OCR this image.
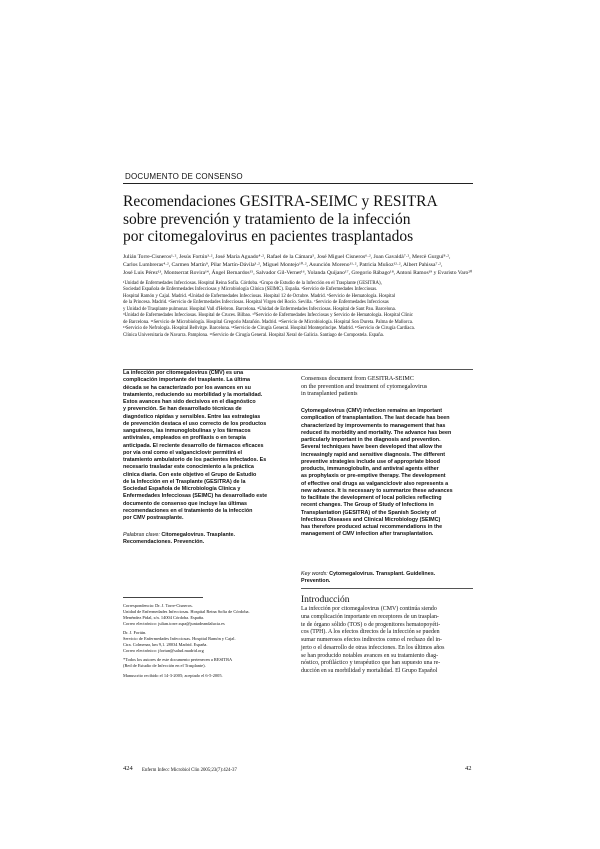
DOCUMENTO DE CONSENSO
Recomendaciones GESITRA-SEIMC y RESITRA
sobre prevención y tratamiento de la infección
por citomegalovirus en pacientes trasplantados
Julián Torre-Cisneros¹·², Jesús Fortún³·², José María Aguado⁴·², Rafael de la Cámara⁵, José Miguel Cisneros⁶·², Joan Gavaldà⁷·², Mercè Gurguí⁸·²,
Carlos Lumbreras⁴·², Carmen Martín⁹, Pilar Martín-Dávila³·², Miguel Montejo¹⁰·², Asunción Moreno¹¹·², Patricia Muñoz¹²·², Albert Pahissa⁷·²,
José Luis Pérez¹³, Montserrat Rovira¹⁴, Ángel Bernardos¹⁵, Salvador Gil-Vernet¹⁶, Yolanda Quijano¹⁷, Gregorio Rábago¹⁸, Antoni Ramos¹⁹ y Evaristo Varo²⁰
¹Unidad de Enfermedades Infecciosas. Hospital Reina Sofía. Córdoba. ²Grupo de Estudio de la Infección en el Trasplante (GESITRA),
Sociedad Española de Enfermedades Infecciosas y Microbiología Clínica (SEIMC). España. ³Servicio de Enfermedades Infecciosas.
Hospital Ramón y Cajal. Madrid. ⁴Unidad de Enfermedades Infecciosas. Hospital 12 de Octubre. Madrid. ⁵Servicio de Hematología. Hospital
de la Princesa. Madrid. ⁶Servicio de Enfermedades Infecciosas. Hospital Virgen del Rocío. Sevilla. ⁷Servicio de Enfermedades Infecciosas
y Unidad de Trasplante pulmonar. Hospital Vall d'Hebron. Barcelona. ⁸Unidad de Enfermedades Infecciosas. Hospital de Sant Pau. Barcelona.
⁹Unidad de Enfermedades Infecciosas. Hospital de Cruces. Bilbao. ¹⁰Servicio de Enfermedades Infecciosas y Servicio de Hematología. Hospital Clínic
de Barcelona. ¹¹Servicio de Microbiología. Hospital Gregorio Marañón. Madrid. ¹²Servicio de Microbiología. Hospital Son Dureta. Palma de Mallorca.
¹³Servicio de Nefrología. Hospital Bellvitge. Barcelona. ¹⁴Servicio de Cirugía General. Hospital Montepríncipe. Madrid. ¹⁵Servicio de Cirugía Cardíaca.
Clínica Universitaria de Navarra. Pamplona. ¹⁶Servicio de Cirugía General. Hospital Xeral de Galicia. Santiago de Compostela. España.
La infección por citomegalovirus (CMV) es una
complicación importante del trasplante. La última
década se ha caracterizado por los avances en su
tratamiento, reduciendo su morbilidad y la mortalidad.
Estos avances han sido decisivos en el diagnóstico
y prevención. Se han desarrollado técnicas de
diagnóstico rápidas y sensibles. Entre las estrategias
de prevención destaca el uso correcto de los productos
sanguíneos, las inmunoglobulinas y los fármacos
antivirales, empleados en profilaxis o en terapia
anticipada. El reciente desarrollo de fármacos eficaces
por vía oral como el valganciclovir permitirá el
tratamiento ambulatorio de los pacientes infectados. Es
necesario trasladar este conocimiento a la práctica
clínica diaria. Con este objetivo el Grupo de Estudio
de la Infección en el Trasplante (GESITRA) de la
Sociedad Española de Microbiología Clínica y
Enfermedades Infecciosas (SEIMC) ha desarrollado este
documento de consenso que incluye las últimas
recomendaciones en el tratamiento de la infección
por CMV postrasplante.
Palabras clave: Citomegalovirus. Trasplante.
Recomendaciones. Prevención.
Consensus document from GESITRA-SEIMC
on the prevention and treatment of cytomegalovirus
in transplanted patients
Cytomegalovirus (CMV) infection remains an important
complication of transplantation. The last decade has been
characterized by improvements to management that has
reduced its morbidity and mortality. The advance has been
particularly important in the diagnosis and prevention.
Several techniques have been developed that allow the
increasingly rapid and sensitive diagnosis. The different
preventive strategies include use of appropriate blood
products, immunoglobulin, and antiviral agents either
as prophylaxis or pre-emptive therapy. The development
of effective oral drugs as valganciclovir also represents a
new advance. It is necessary to summarize these advances
to facilitate the development of local policies reflecting
recent changes. The Group of Study of Infections in
Transplantation (GESITRA) of the Spanish Society of
Infectious Diseases and Clinical Microbiology (SEIMC)
has therefore produced actual recommendations in the
management of CMV infection after transplantation.
Key words: Cytomegalovirus. Transplant. Guidelines.
Prevention.
Introducción
La infección por citomegalovirus (CMV) continúa siendo
una complicación importante en receptores de un trasplan-
te de órgano sólido (TOS) o de progenitores hematopoyéti-
cos (TPH). A los efectos directos de la infección se pueden
sumar numerosos efectos indirectos como el rechazo del in-
jerto o el desarrollo de otras infecciones. En los últimos años
se han producido notables avances en su tratamiento diag-
nóstico, profiláctico y terapéutico que han supuesto una re-
ducción en su morbilidad y mortalidad. El Grupo Español
Correspondencia: Dr. J. Torre-Cisneros.
Unidad de Enfermedades Infecciosas. Hospital Reina Sofía de Córdoba.
Menéndez Pidal, s/n. 14004 Córdoba. España.
Correo electrónico: julian.torre.sspa@juntadeandalucia.es
Dr. J. Fortún.
Servicio de Enfermedades Infecciosas. Hospital Ramón y Cajal.
Ctra. Colmenar, km 9,1. 28034 Madrid. España.
Correo electrónico: jfortun@salud.madrid.org
*Todos los autores de este documento pertenecen a RESITRA
(Red de Estudio de Infección en el Trasplante).
Manuscrito recibido el 14-3-2005; aceptado el 6-5-2005.
424 Enferm Infecc Microbiol Clin 2005;23(7):424-37	42
